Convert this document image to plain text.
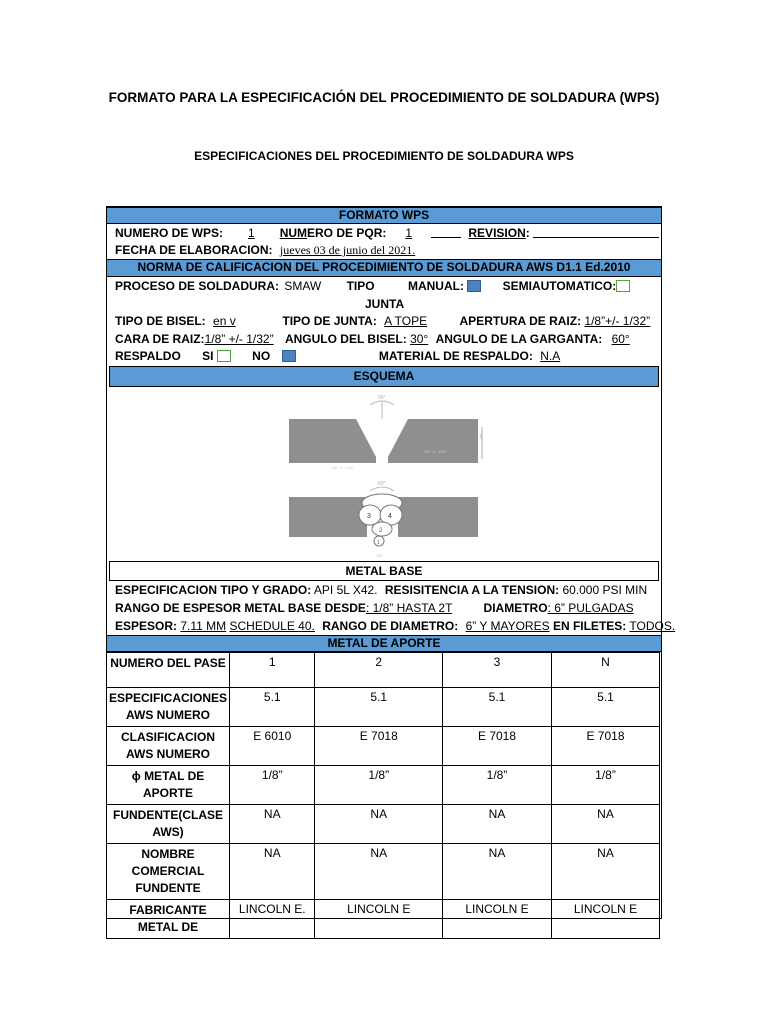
FORMATO PARA LA ESPECIFICACIÓN DEL PROCEDIMIENTO DE SOLDADURA (WPS)
ESPECIFICACIONES DEL PROCEDIMIENTO DE SOLDADURA WPS
FORMATO WPS
NUMERO DE WPS: 1 NUMERO DE PQR: 1	REVISION:
FECHA DE ELABORACION: jueves 03 de junio del 2021.
NORMA DE CALIFICACION DEL PROCEDIMIENTO DE SOLDADURA AWS D1.1 Ed.2010
PROCESO DE SOLDADURA: SMAW TIPO	MANUAL:	SEMIAUTOMATICO:
JUNTA
TIPO DE BISEL: en v	TIPO DE JUNTA: A TOPE	APERTURA DE RAIZ: 1/8”+/- 1/32”
CARA DE RAIZ:1/8” +/- 1/32” ANGULO DEL BISEL: 30° ANGULO DE LA GARGANTA: 60°
RESPALDO SI	NO	MATERIAL DE RESPALDO: N.A
ESQUEMA
60°
T
1/8" +/- 1/32"
1/8" +/- 1/32"
60°
3 4
2
1
1/8"
METAL BASE
ESPECIFICACION TIPO Y GRADO: API 5L X42. RESISITENCIA A LA TENSION: 60.000 PSI MIN
RANGO DE ESPESOR METAL BASE DESDE: 1/8” HASTA 2T	DIAMETRO: 6” PULGADAS
ESPESOR: 7.11 MM SCHEDULE 40. RANGO DE DIAMETRO: 6” Y MAYORES EN FILETES: TODOS.
METAL DE APORTE
NUMERO DEL PASE	1	2	3	N
ESPECIFICACIONES AWS NUMERO	5.1	5.1	5.1	5.1
CLASIFICACION AWS NUMERO	E 6010	E 7018	E 7018	E 7018
ϕ METAL DE APORTE	1/8”	1/8”	1/8”	1/8”
FUNDENTE(CLASE AWS)	NA	NA	NA	NA
NOMBRE COMERCIAL FUNDENTE	NA	NA	NA	NA
FABRICANTE METAL DE	LINCOLN E.	LINCOLN E	LINCOLN E	LINCOLN E
